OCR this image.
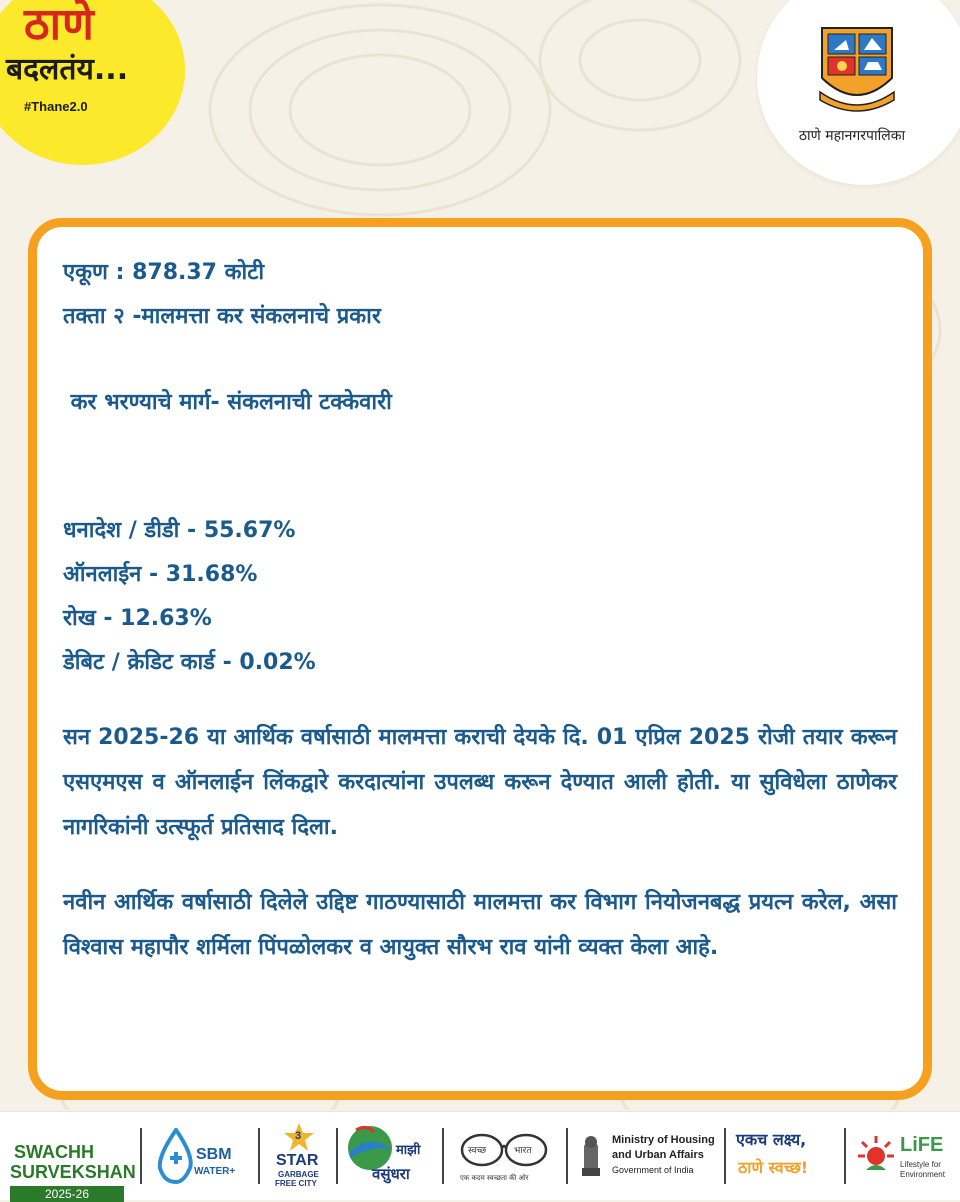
ठाणे
बदलतंय...
#Thane2.0
ठाणे महानगरपालिका
एकूण : 878.37 कोटी
तक्ता २ -मालमत्ता कर संकलनाचे प्रकार
कर भरण्याचे मार्ग- संकलनाची टक्केवारी
धनादेश / डीडी - 55.67%
ऑनलाईन - 31.68%
रोख - 12.63%
डेबिट / क्रेडिट कार्ड - 0.02%
सन 2025-26 या आर्थिक वर्षासाठी मालमत्ता कराची देयके दि. 01 एप्रिल 2025 रोजी तयार करून एसएमएस व ऑनलाईन लिंकद्वारे करदात्यांना उपलब्ध करून देण्यात आली होती. या सुविधेला ठाणेकर नागरिकांनी उत्स्फूर्त प्रतिसाद दिला.
नवीन आर्थिक वर्षासाठी दिलेले उद्दिष्ट गाठण्यासाठी मालमत्ता कर विभाग नियोजनबद्ध प्रयत्न करेल, असा विश्वास महापौर शर्मिला पिंपळोलकर व आयुक्त सौरभ राव यांनी व्यक्त केला आहे.
SWACHH
SURVEKSHAN
2025-26
SBM
WATER+
3
STAR
GARBAGE
FREE CITY
माझी
वसुंधरा
स्वच्छ	भारत
एक कदम स्वच्छता की ओर
Ministry of Housing
and Urban Affairs
Government of India
एकच लक्ष्य,
ठाणे स्वच्छ!
LiFE
Lifestyle for
Environment
